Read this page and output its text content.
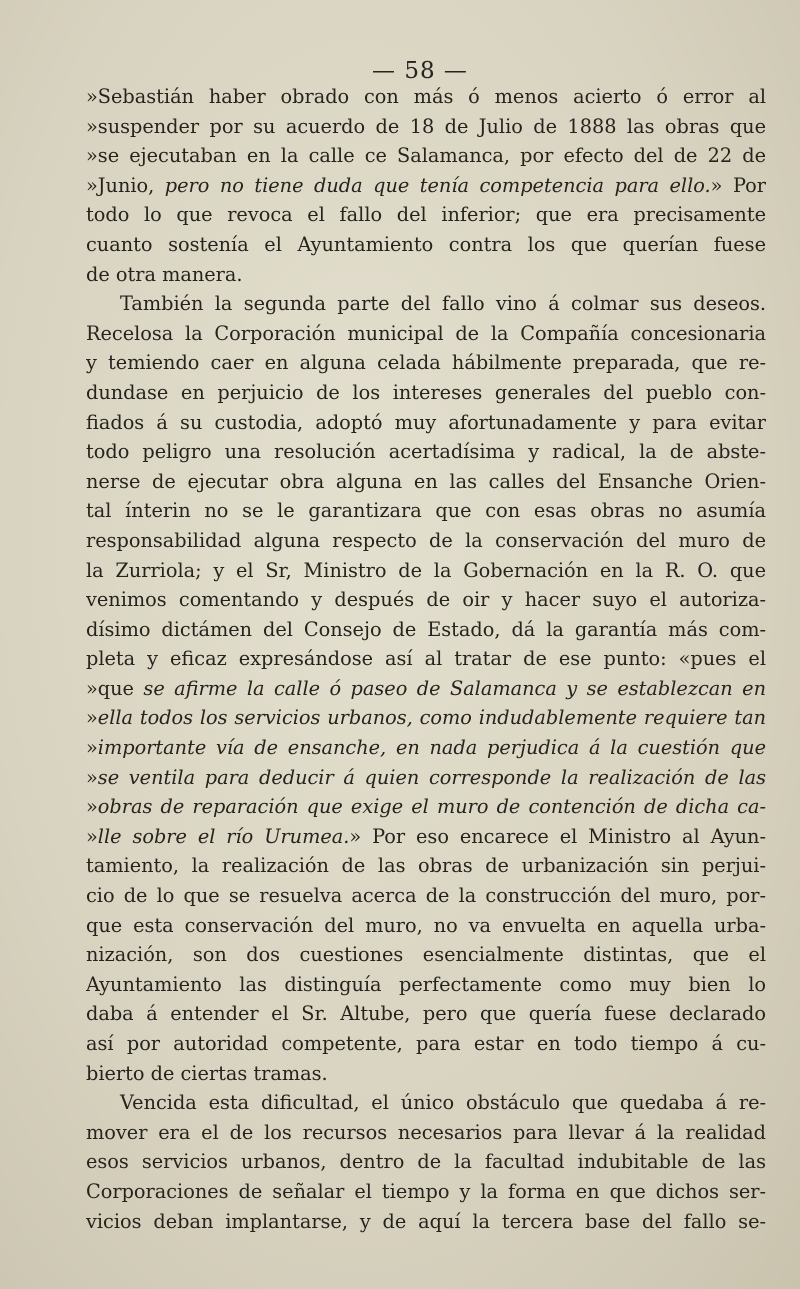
— 58 —
»Sebastián haber obrado con más ó menos acierto ó error al
»suspender por su acuerdo de 18 de Julio de 1888 las obras que
»se ejecutaban en la calle ce Salamanca, por efecto del de 22 de
»Junio, pero no tiene duda que tenía competencia para ello.» Por
todo lo que revoca el fallo del inferior; que era precisamente
cuanto sostenía el Ayuntamiento contra los que querían fuese
de otra manera.
También la segunda parte del fallo vino á colmar sus deseos.
Recelosa la Corporación municipal de la Compañía concesionaria
y temiendo caer en alguna celada hábilmente preparada, que re-
dundase en perjuicio de los intereses generales del pueblo con-
fiados á su custodia, adoptó muy afortunadamente y para evitar
todo peligro una resolución acertadísima y radical, la de abste-
nerse de ejecutar obra alguna en las calles del Ensanche Orien-
tal ínterin no se le garantizara que con esas obras no asumía
responsabilidad alguna respecto de la conservación del muro de
la Zurriola; y el Sr, Ministro de la Gobernación en la R. O. que
venimos comentando y después de oir y hacer suyo el autoriza-
dísimo dictámen del Consejo de Estado, dá la garantía más com-
pleta y eficaz expresándose así al tratar de ese punto: «pues el
»que se afirme la calle ó paseo de Salamanca y se establezcan en
»ella todos los servicios urbanos, como indudablemente requiere tan
»importante vía de ensanche, en nada perjudica á la cuestión que
»se ventila para deducir á quien corresponde la realización de las
»obras de reparación que exige el muro de contención de dicha ca-
»lle sobre el río Urumea.» Por eso encarece el Ministro al Ayun-
tamiento, la realización de las obras de urbanización sin perjui-
cio de lo que se resuelva acerca de la construcción del muro, por-
que esta conservación del muro, no va envuelta en aquella urba-
nización, son dos cuestiones esencialmente distintas, que el
Ayuntamiento las distinguía perfectamente como muy bien lo
daba á entender el Sr. Altube, pero que quería fuese declarado
así por autoridad competente, para estar en todo tiempo á cu-
bierto de ciertas tramas.
Vencida esta dificultad, el único obstáculo que quedaba á re-
mover era el de los recursos necesarios para llevar á la realidad
esos servicios urbanos, dentro de la facultad indubitable de las
Corporaciones de señalar el tiempo y la forma en que dichos ser-
vicios deban implantarse, y de aquí la tercera base del fallo se-
